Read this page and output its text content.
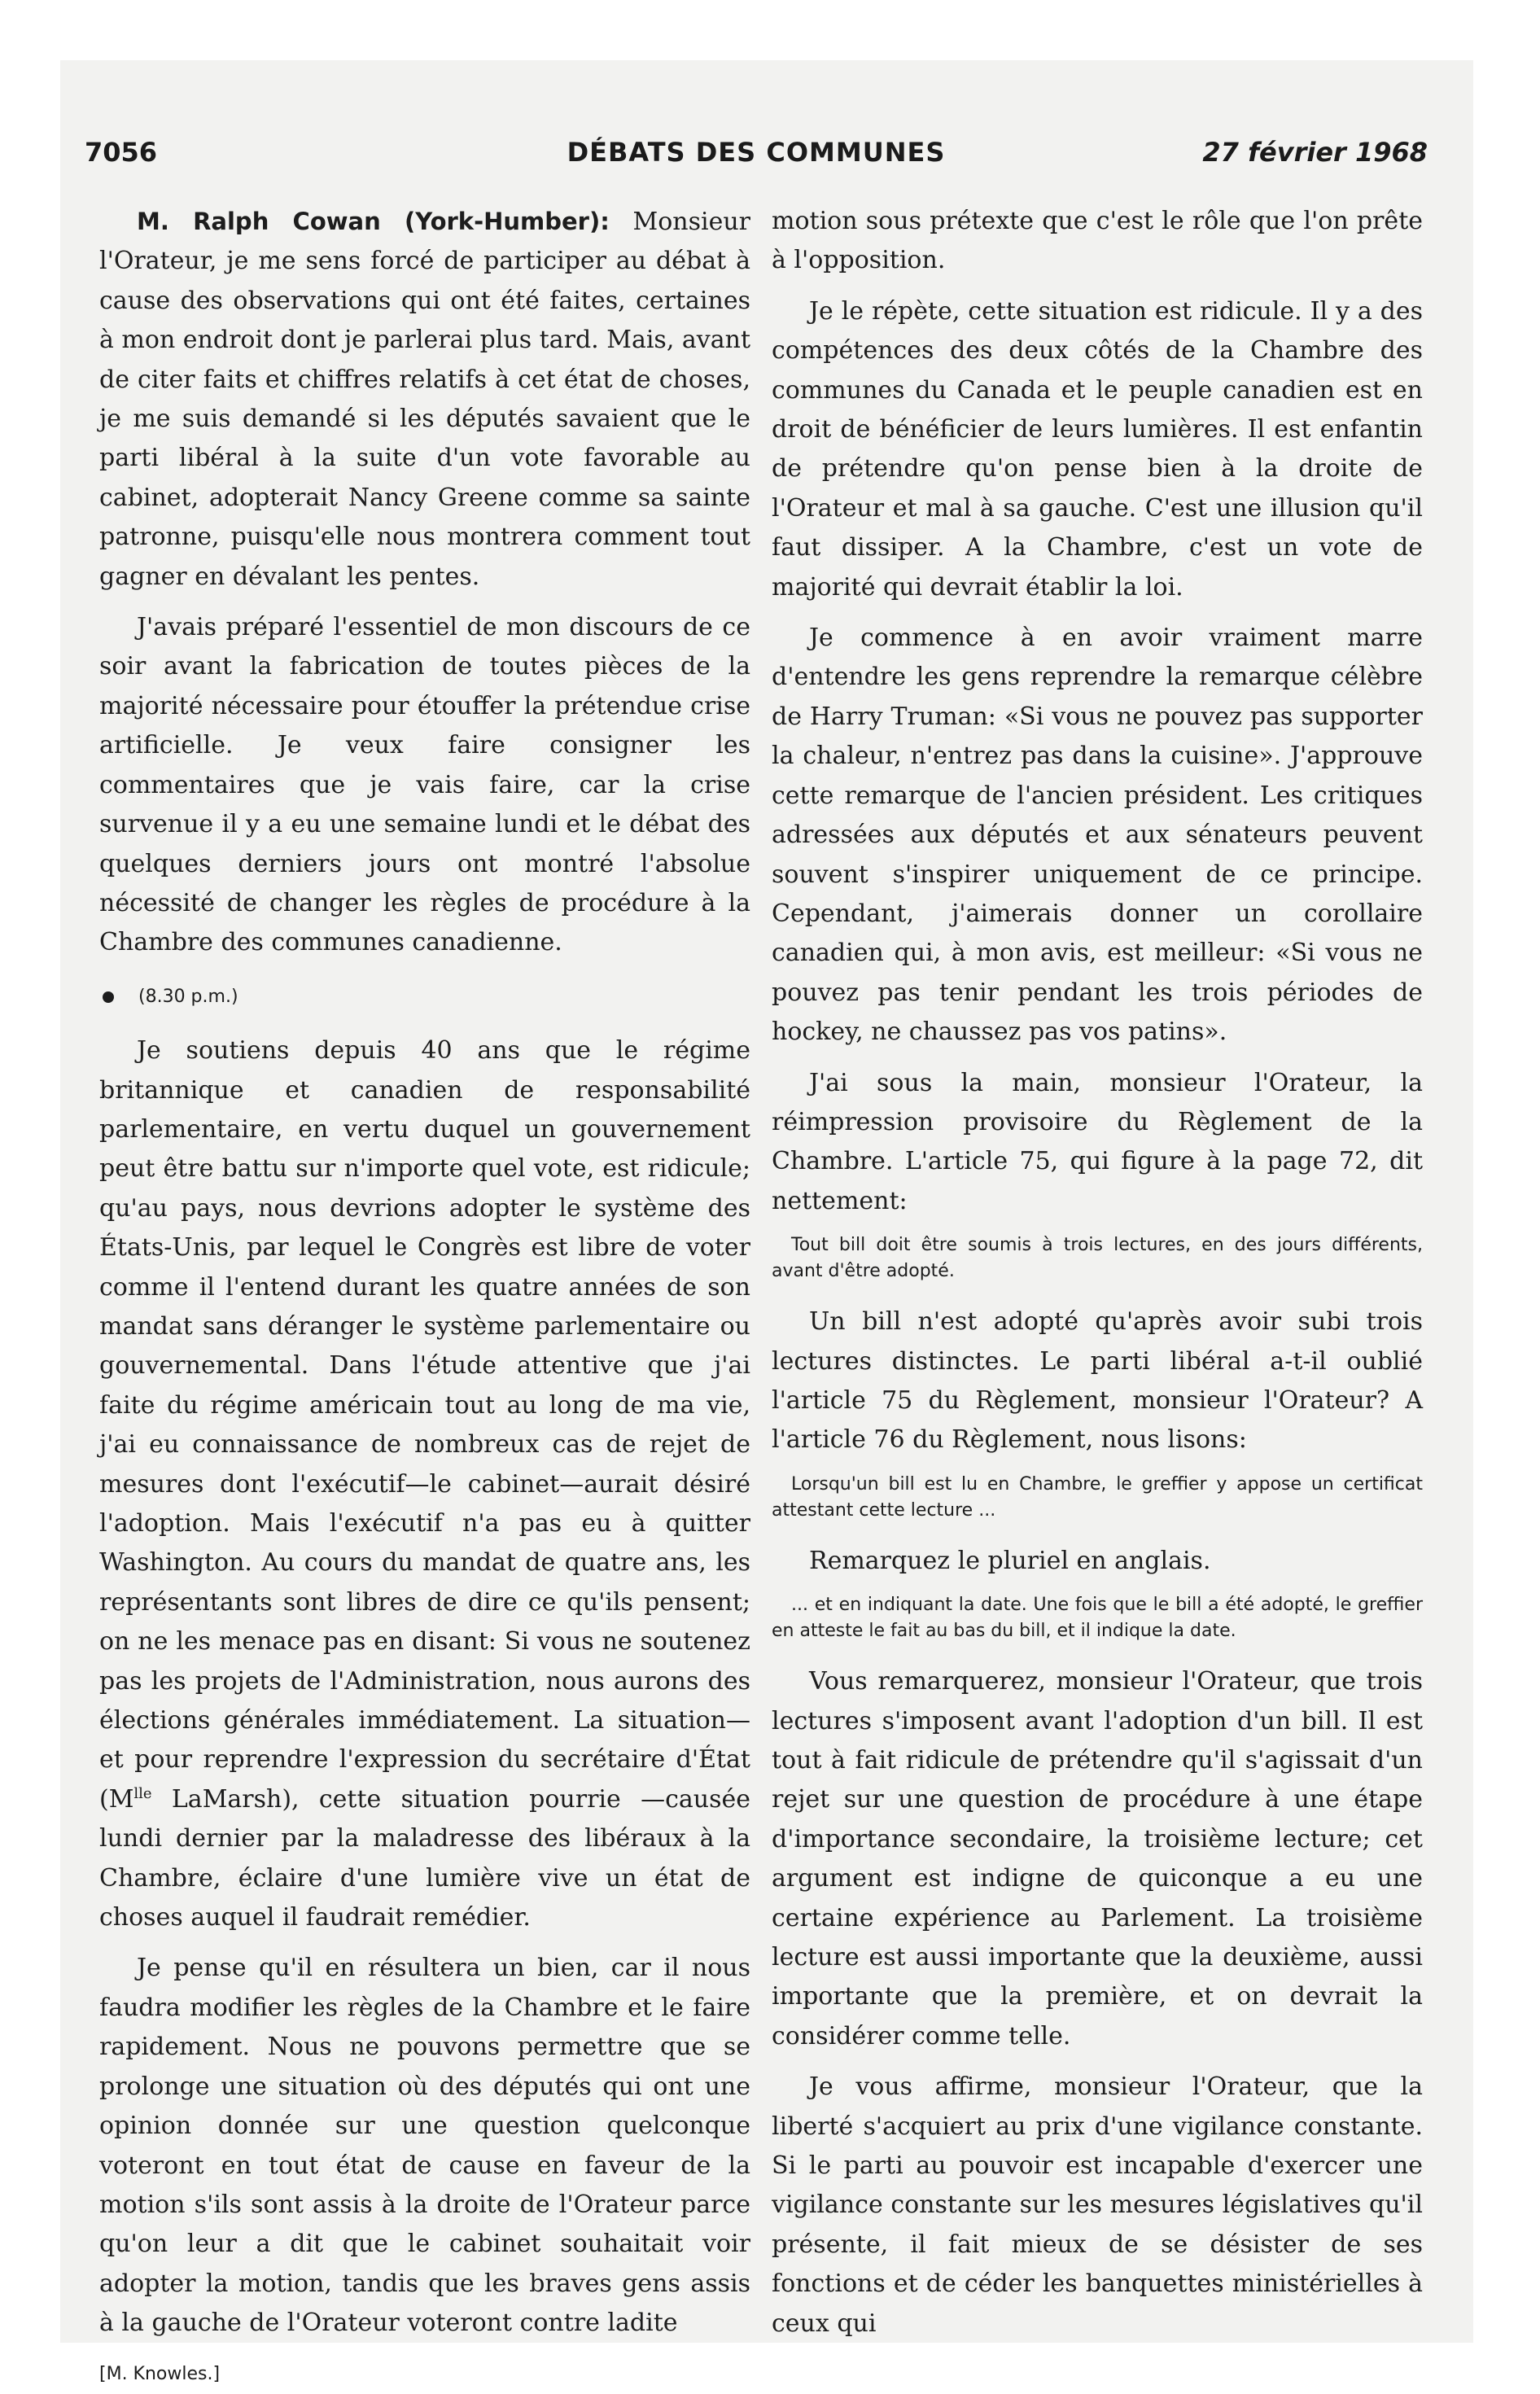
7056	DÉBATS DES COMMUNES	27 février 1968

M. Ralph Cowan (York-Humber): Monsieur l'Orateur, je me sens forcé de participer au débat à cause des observations qui ont été faites, certaines à mon endroit dont je parlerai plus tard. Mais, avant de citer faits et chiffres relatifs à cet état de choses, je me suis demandé si les députés savaient que le parti libéral à la suite d'un vote favorable au cabinet, adopterait Nancy Greene comme sa sainte patronne, puisqu'elle nous montrera comment tout gagner en dévalant les pentes.

J'avais préparé l'essentiel de mon discours de ce soir avant la fabrication de toutes pièces de la majorité nécessaire pour étouffer la prétendue crise artificielle. Je veux faire consigner les commentaires que je vais faire, car la crise survenue il y a eu une semaine lundi et le débat des quelques derniers jours ont montré l'absolue nécessité de changer les règles de procédure à la Chambre des communes canadienne.

(8.30 p.m.)

Je soutiens depuis 40 ans que le régime britannique et canadien de responsabilité parlementaire, en vertu duquel un gouvernement peut être battu sur n'importe quel vote, est ridicule; qu'au pays, nous devrions adopter le système des États-Unis, par lequel le Congrès est libre de voter comme il l'entend durant les quatre années de son mandat sans déranger le système parlementaire ou gouvernemental. Dans l'étude attentive que j'ai faite du régime américain tout au long de ma vie, j'ai eu connaissance de nombreux cas de rejet de mesures dont l'exécutif—le cabinet—aurait désiré l'adoption. Mais l'exécutif n'a pas eu à quitter Washington. Au cours du mandat de quatre ans, les représentants sont libres de dire ce qu'ils pensent; on ne les menace pas en disant: Si vous ne soutenez pas les projets de l'Administration, nous aurons des élections générales immédiatement. La situation—et pour reprendre l'expression du secrétaire d'État ($M^{lle}$ LaMarsh), cette situation pourrie —causée lundi dernier par la maladresse des libéraux à la Chambre, éclaire d'une lumière vive un état de choses auquel il faudrait remédier.

Je pense qu'il en résultera un bien, car il nous faudra modifier les règles de la Chambre et le faire rapidement. Nous ne pouvons permettre que se prolonge une situation où des députés qui ont une opinion donnée sur une question quelconque voteront en tout état de cause en faveur de la motion s'ils sont assis à la droite de l'Orateur parce qu'on leur a dit que le cabinet souhaitait voir adopter la motion, tandis que les braves gens assis à la gauche de l'Orateur voteront contre ladite

[M. Knowles.]

motion sous prétexte que c'est le rôle que l'on prête à l'opposition.

Je le répète, cette situation est ridicule. Il y a des compétences des deux côtés de la Chambre des communes du Canada et le peuple canadien est en droit de bénéficier de leurs lumières. Il est enfantin de prétendre qu'on pense bien à la droite de l'Orateur et mal à sa gauche. C'est une illusion qu'il faut dissiper. A la Chambre, c'est un vote de majorité qui devrait établir la loi.

Je commence à en avoir vraiment marre d'entendre les gens reprendre la remarque célèbre de Harry Truman: «Si vous ne pouvez pas supporter la chaleur, n'entrez pas dans la cuisine». J'approuve cette remarque de l'ancien président. Les critiques adressées aux députés et aux sénateurs peuvent souvent s'inspirer uniquement de ce principe. Cependant, j'aimerais donner un corollaire canadien qui, à mon avis, est meilleur: «Si vous ne pouvez pas tenir pendant les trois périodes de hockey, ne chaussez pas vos patins».

J'ai sous la main, monsieur l'Orateur, la réimpression provisoire du Règlement de la Chambre. L'article 75, qui figure à la page 72, dit nettement:

Tout bill doit être soumis à trois lectures, en des jours différents, avant d'être adopté.

Un bill n'est adopté qu'après avoir subi trois lectures distinctes. Le parti libéral a-t-il oublié l'article 75 du Règlement, monsieur l'Orateur? A l'article 76 du Règlement, nous lisons:

Lorsqu'un bill est lu en Chambre, le greffier y appose un certificat attestant cette lecture ...

Remarquez le pluriel en anglais.

... et en indiquant la date. Une fois que le bill a été adopté, le greffier en atteste le fait au bas du bill, et il indique la date.

Vous remarquerez, monsieur l'Orateur, que trois lectures s'imposent avant l'adoption d'un bill. Il est tout à fait ridicule de prétendre qu'il s'agissait d'un rejet sur une question de procédure à une étape d'importance secondaire, la troisième lecture; cet argument est indigne de quiconque a eu une certaine expérience au Parlement. La troisième lecture est aussi importante que la deuxième, aussi importante que la première, et on devrait la considérer comme telle.

Je vous affirme, monsieur l'Orateur, que la liberté s'acquiert au prix d'une vigilance constante. Si le parti au pouvoir est incapable d'exercer une vigilance constante sur les mesures législatives qu'il présente, il fait mieux de se désister de ses fonctions et de céder les banquettes ministérielles à ceux qui
